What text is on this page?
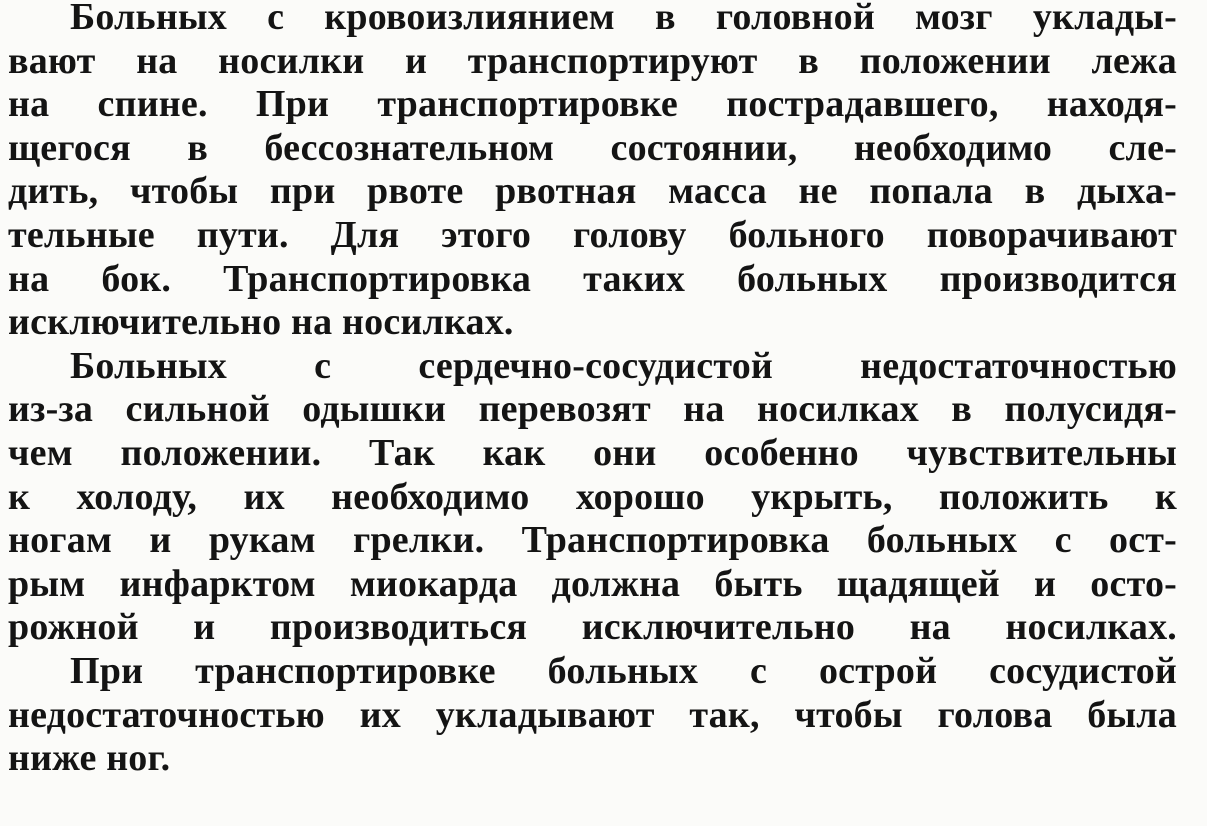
Больных с кровоизлиянием в головной мозг уклады-
вают на носилки и транспортируют в положении лежа
на спине. При транспортировке пострадавшего, находя-
щегося в бессознательном состоянии, необходимо сле-
дить, чтобы при рвоте рвотная масса не попала в дыха-
тельные пути. Для этого голову больного поворачивают
на бок. Транспортировка таких больных производится
исключительно на носилках.

Больных с сердечно-сосудистой недостаточностью
из-за сильной одышки перевозят на носилках в полусидя-
чем положении. Так как они особенно чувствительны
к холоду, их необходимо хорошо укрыть, положить к
ногам и рукам грелки. Транспортировка больных с ост-
рым инфарктом миокарда должна быть щадящей и осто-
рожной и производиться исключительно на носилках.

При транспортировке больных с острой сосудистой
недостаточностью их укладывают так, чтобы голова была
ниже ног.
